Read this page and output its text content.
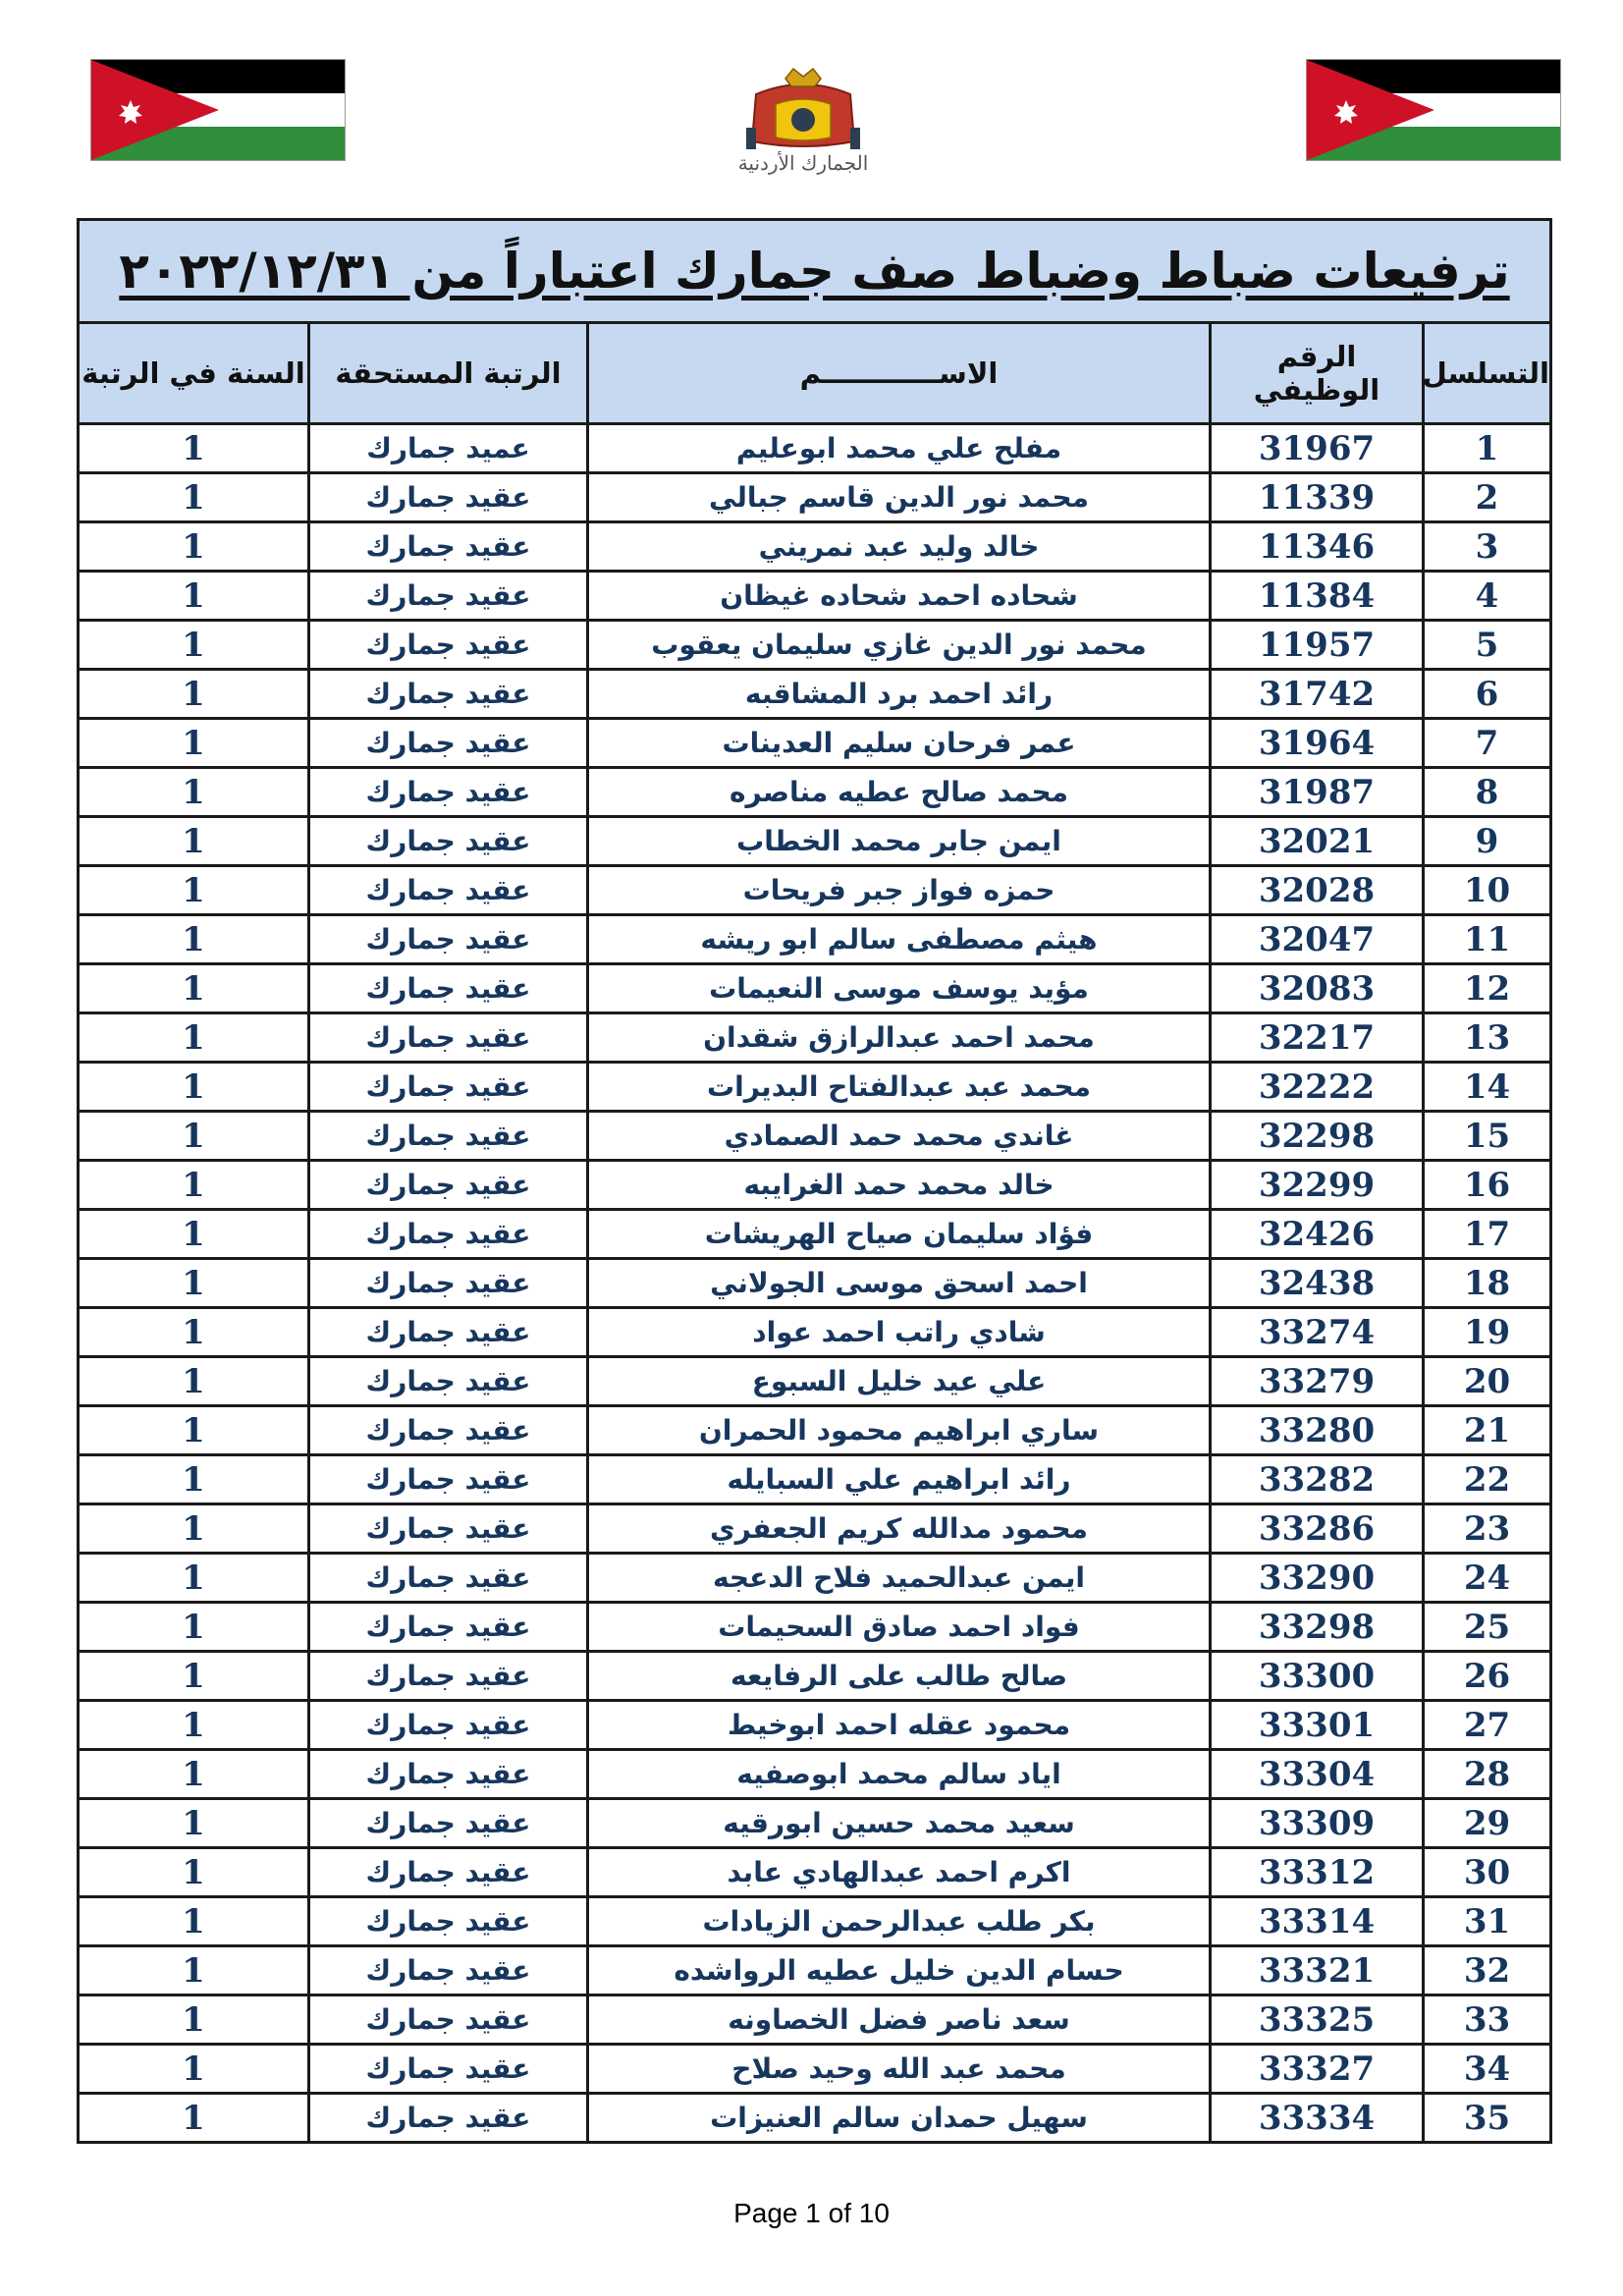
الجمارك الأردنية
ترفيعات ضباط وضباط صف جمارك اعتباراً من ٢٠٢٢/١٢/٣١				
التسلسل	الرقم الوظيفي	الاســــــــــــم	الرتبة المستحقة	السنة في الرتبة
1	31967	مفلح علي محمد ابوعليم	عميد جمارك	1
2	11339	محمد نور الدين قاسم جبالي	عقيد جمارك	1
3	11346	خالد وليد عبد نمريني	عقيد جمارك	1
4	11384	شحاده احمد شحاده غيظان	عقيد جمارك	1
5	11957	محمد نور الدين غازي سليمان يعقوب	عقيد جمارك	1
6	31742	رائد احمد برد المشاقبه	عقيد جمارك	1
7	31964	عمر فرحان سليم العدينات	عقيد جمارك	1
8	31987	محمد صالح عطيه مناصره	عقيد جمارك	1
9	32021	ايمن جابر محمد الخطاب	عقيد جمارك	1
10	32028	حمزه فواز جبر فريحات	عقيد جمارك	1
11	32047	هيثم مصطفى سالم ابو ريشه	عقيد جمارك	1
12	32083	مؤيد يوسف موسى النعيمات	عقيد جمارك	1
13	32217	محمد احمد عبدالرازق شقدان	عقيد جمارك	1
14	32222	محمد عبد عبدالفتاح البديرات	عقيد جمارك	1
15	32298	غاندي محمد حمد الصمادي	عقيد جمارك	1
16	32299	خالد محمد حمد الغرايبه	عقيد جمارك	1
17	32426	فؤاد سليمان صياح الهريشات	عقيد جمارك	1
18	32438	احمد اسحق موسى الجولاني	عقيد جمارك	1
19	33274	شادي راتب احمد عواد	عقيد جمارك	1
20	33279	علي عيد خليل السبوع	عقيد جمارك	1
21	33280	ساري ابراهيم محمود الحمران	عقيد جمارك	1
22	33282	رائد ابراهيم علي السبايله	عقيد جمارك	1
23	33286	محمود مدالله كريم الجعفري	عقيد جمارك	1
24	33290	ايمن عبدالحميد فلاح الدعجه	عقيد جمارك	1
25	33298	فواد احمد صادق السحيمات	عقيد جمارك	1
26	33300	صالح طالب على الرفايعه	عقيد جمارك	1
27	33301	محمود عقله احمد ابوخيط	عقيد جمارك	1
28	33304	اياد سالم محمد ابوصفيه	عقيد جمارك	1
29	33309	سعيد محمد حسين ابورقيه	عقيد جمارك	1
30	33312	اكرم احمد عبدالهادي عابد	عقيد جمارك	1
31	33314	بكر طلب عبدالرحمن الزيادات	عقيد جمارك	1
32	33321	حسام الدين خليل عطيه الرواشده	عقيد جمارك	1
33	33325	سعد ناصر فضل الخصاونه	عقيد جمارك	1
34	33327	محمد عبد الله وحيد صلاح	عقيد جمارك	1
35	33334	سهيل حمدان سالم العنيزات	عقيد جمارك	1
Page 1 of 10
